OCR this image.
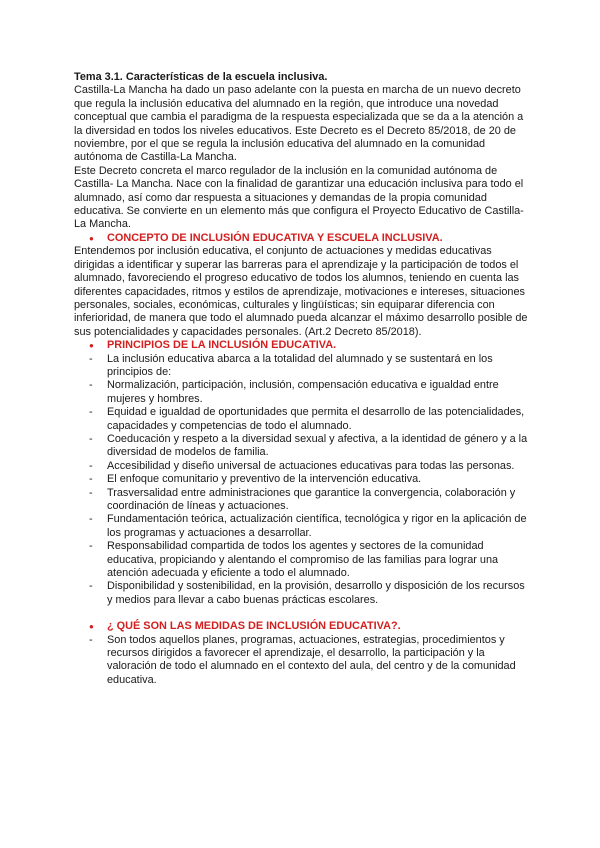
Tema 3.1. Características de la escuela inclusiva.

Castilla-La Mancha ha dado un paso adelante con la puesta en marcha de un nuevo decreto que regula la inclusión educativa del alumnado en la región, que introduce una novedad conceptual que cambia el paradigma de la respuesta especializada que se da a la atención a la diversidad en todos los niveles educativos. Este Decreto es el Decreto 85/2018, de 20 de noviembre, por el que se regula la inclusión educativa del alumnado en la comunidad autónoma de Castilla-La Mancha.

Este Decreto concreta el marco regulador de la inclusión en la comunidad autónoma de Castilla- La Mancha. Nace con la finalidad de garantizar una educación inclusiva para todo el alumnado, así como dar respuesta a situaciones y demandas de la propia comunidad educativa. Se convierte en un elemento más que configura el Proyecto Educativo de Castilla-La Mancha.

● CONCEPTO DE INCLUSIÓN EDUCATIVA Y ESCUELA INCLUSIVA.

Entendemos por inclusión educativa, el conjunto de actuaciones y medidas educativas dirigidas a identificar y superar las barreras para el aprendizaje y la participación de todos el alumnado, favoreciendo el progreso educativo de todos los alumnos, teniendo en cuenta las diferentes capacidades, ritmos y estilos de aprendizaje, motivaciones e intereses, situaciones personales, sociales, económicas, culturales y lingüísticas; sin equiparar diferencia con inferioridad, de manera que todo el alumnado pueda alcanzar el máximo desarrollo posible de sus potencialidades y capacidades personales. (Art.2 Decreto 85/2018).

● PRINCIPIOS DE LA INCLUSIÓN EDUCATIVA.

- La inclusión educativa abarca a la totalidad del alumnado y se sustentará en los principios de:
- Normalización, participación, inclusión, compensación educativa e igualdad entre mujeres y hombres.
- Equidad e igualdad de oportunidades que permita el desarrollo de las potencialidades, capacidades y competencias de todo el alumnado.
- Coeducación y respeto a la diversidad sexual y afectiva, a la identidad de género y a la diversidad de modelos de familia.
- Accesibilidad y diseño universal de actuaciones educativas para todas las personas.
- El enfoque comunitario y preventivo de la intervención educativa.
- Trasversalidad entre administraciones que garantice la convergencia, colaboración y coordinación de líneas y actuaciones.
- Fundamentación teórica, actualización científica, tecnológica y rigor en la aplicación de los programas y actuaciones a desarrollar.
- Responsabilidad compartida de todos los agentes y sectores de la comunidad educativa, propiciando y alentando el compromiso de las familias para lograr una atención adecuada y eficiente a todo el alumnado.
- Disponibilidad y sostenibilidad, en la provisión, desarrollo y disposición de los recursos y medios para llevar a cabo buenas prácticas escolares.

● ¿ QUÉ SON LAS MEDIDAS DE INCLUSIÓN EDUCATIVA?.

- Son todos aquellos planes, programas, actuaciones, estrategias, procedimientos y recursos dirigidos a favorecer el aprendizaje, el desarrollo, la participación y la valoración de todo el alumnado en el contexto del aula, del centro y de la comunidad educativa.
